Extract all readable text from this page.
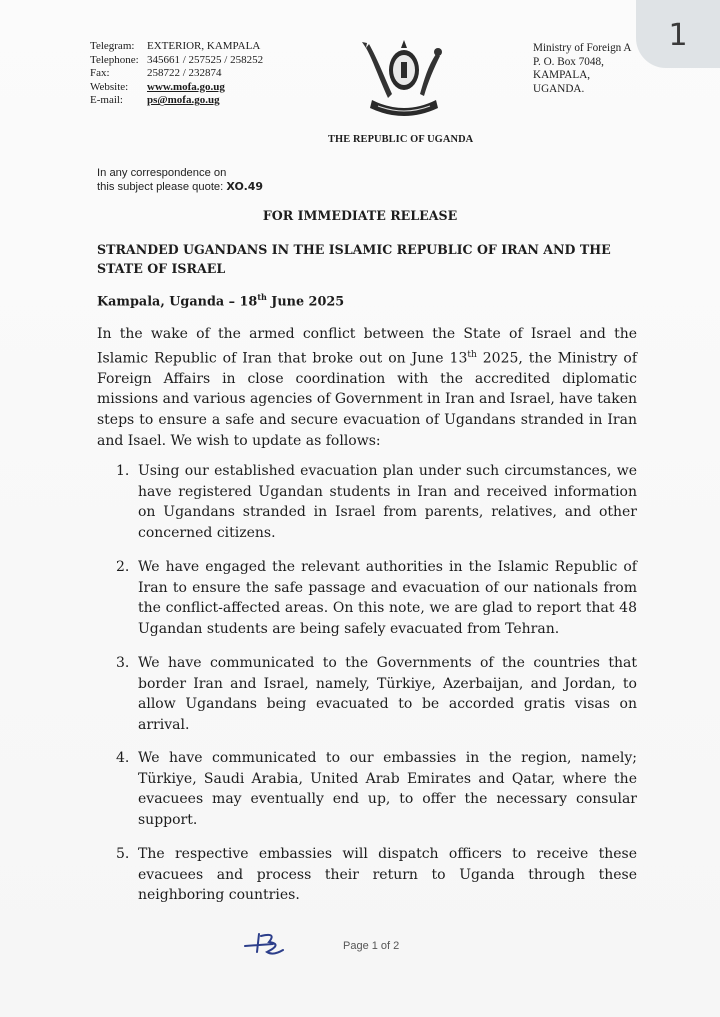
1
Telegram:	EXTERIOR, KAMPALA
Telephone: 345661 / 257525 / 258252
Fax:	258722 / 232874
Website:	www.mofa.go.ug
E-mail:	ps@mofa.go.ug
Ministry of Foreign A
P. O. Box 7048,
KAMPALA,
UGANDA.
THE REPUBLIC OF UGANDA
In any correspondence on
this subject please quote: XO.49
FOR IMMEDIATE RELEASE
STRANDED UGANDANS IN THE ISLAMIC REPUBLIC OF IRAN AND THE STATE OF ISRAEL
Kampala, Uganda – 18th June 2025
In the wake of the armed conflict between the State of Israel and the Islamic Republic of Iran that broke out on June 13th 2025, the Ministry of Foreign Affairs in close coordination with the accredited diplomatic missions and various agencies of Government in Iran and Israel, have taken steps to ensure a safe and secure evacuation of Ugandans stranded in Iran and Isael. We wish to update as follows:
1. Using our established evacuation plan under such circumstances, we have registered Ugandan students in Iran and received information on Ugandans stranded in Israel from parents, relatives, and other concerned citizens.
2. We have engaged the relevant authorities in the Islamic Republic of Iran to ensure the safe passage and evacuation of our nationals from the conflict-affected areas. On this note, we are glad to report that 48 Ugandan students are being safely evacuated from Tehran.
3. We have communicated to the Governments of the countries that border Iran and Israel, namely, Türkiye, Azerbaijan, and Jordan, to allow Ugandans being evacuated to be accorded gratis visas on arrival.
4. We have communicated to our embassies in the region, namely; Türkiye, Saudi Arabia, United Arab Emirates and Qatar, where the evacuees may eventually end up, to offer the necessary consular support.
5. The respective embassies will dispatch officers to receive these evacuees and process their return to Uganda through these neighboring countries.
Page 1 of 2
